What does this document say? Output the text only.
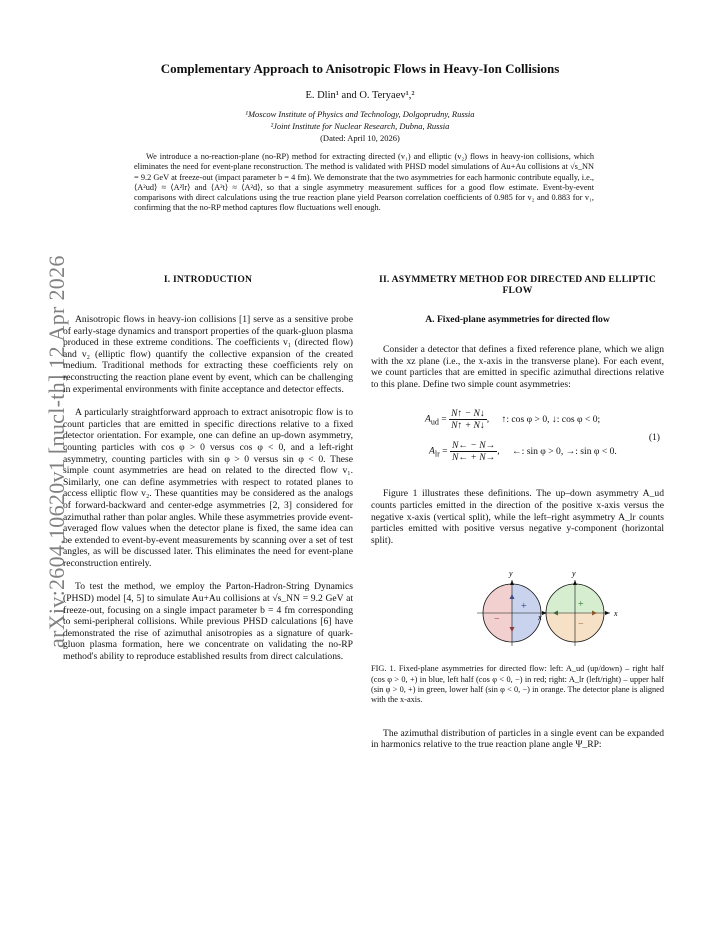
arXiv:2604.10620v1 [nucl-th] 12 Apr 2026
Complementary Approach to Anisotropic Flows in Heavy-Ion Collisions
E. Dlin¹ and O. Teryaev¹,²
¹Moscow Institute of Physics and Technology, Dolgoprudny, Russia
²Joint Institute for Nuclear Research, Dubna, Russia
(Dated: April 10, 2026)

We introduce a no-reaction-plane (no-RP) method for extracting directed (v₁) and elliptic (v₂) flows in heavy-ion collisions, which eliminates the need for event-plane reconstruction. The method is validated with PHSD model simulations of Au+Au collisions at √s_NN = 9.2 GeV at freeze-out (impact parameter b = 4 fm). We demonstrate that the two asymmetries for each harmonic contribute equally, i.e., ⟨A²ud⟩ ≈ ⟨A²lr⟩ and ⟨A²t⟩ ≈ ⟨A²d⟩, so that a single asymmetry measurement suffices for a good flow estimate. Event-by-event comparisons with direct calculations using the true reaction plane yield Pearson correlation coefficients of 0.985 for v₂ and 0.883 for v₁, confirming that the no-RP method captures flow fluctuations well enough.

I. INTRODUCTION

Anisotropic flows in heavy-ion collisions [1] serve as a sensitive probe of early-stage dynamics and transport properties of the quark-gluon plasma produced in these extreme conditions. The coefficients v₁ (directed flow) and v₂ (elliptic flow) quantify the collective expansion of the created medium. Traditional methods for extracting these coefficients rely on reconstructing the reaction plane event by event, which can be challenging in experimental environments with finite acceptance and detector effects.

A particularly straightforward approach to extract anisotropic flow is to count particles that are emitted in specific directions relative to a fixed detector orientation. For example, one can define an up-down asymmetry, counting particles with cos φ > 0 versus cos φ < 0, and a left-right asymmetry, counting particles with sin φ > 0 versus sin φ < 0. These simple count asymmetries are head on related to the directed flow v₁. Similarly, one can define asymmetries with respect to rotated planes to access elliptic flow v₂. These quantities may be considered as the analogs of forward-backward and center-edge asymmetries [2, 3] considered for azimuthal rather than polar angles. While these asymmetries provide event-averaged flow values when the detector plane is fixed, the same idea can be extended to event-by-event measurements by scanning over a set of test angles, as will be discussed later. This eliminates the need for event-plane reconstruction entirely.

To test the method, we employ the Parton-Hadron-String Dynamics (PHSD) model [4, 5] to simulate Au+Au collisions at √s_NN = 9.2 GeV at freeze-out, focusing on a single impact parameter b = 4 fm corresponding to semi-peripheral collisions. While previous PHSD calculations [6] have demonstrated the rise of azimuthal anisotropies as a signature of quark-gluon plasma formation, here we concentrate on validating the no-RP method's ability to reproduce established results from direct calculations.

II. ASYMMETRY METHOD FOR DIRECTED AND ELLIPTIC FLOW

A. Fixed-plane asymmetries for directed flow

Consider a detector that defines a fixed reference plane, which we align with the xz plane (i.e., the x-axis in the transverse plane). For each event, we count particles that are emitted in specific azimuthal directions relative to this plane. Define two simple count asymmetries:

$A_{ud} = \frac{N↑ - N↓}{N↑ + N↓}$ , ↑: cos φ > 0, ↓: cos φ < 0;
$A_{lr} = \frac{N\leftarrow - N\to}{N\leftarrow + N\to}$ , ←: sin φ > 0, →: sin φ < 0.
(1)

Figure 1 illustrates these definitions. The up–down asymmetry A_ud counts particles emitted in the direction of the positive x-axis versus the negative x-axis (vertical split), while the left–right asymmetry A_lr counts particles emitted with positive versus negative y-component (horizontal split).

y
x
+
−
y
x
+
−

FIG. 1. Fixed-plane asymmetries for directed flow: left: A_ud (up/down) – right half (cos φ > 0, +) in blue, left half (cos φ < 0, −) in red; right: A_lr (left/right) – upper half (sin φ > 0, +) in green, lower half (sin φ < 0, −) in orange. The detector plane is aligned with the x-axis.

The azimuthal distribution of particles in a single event can be expanded in harmonics relative to the true reaction plane angle Ψ_RP:
